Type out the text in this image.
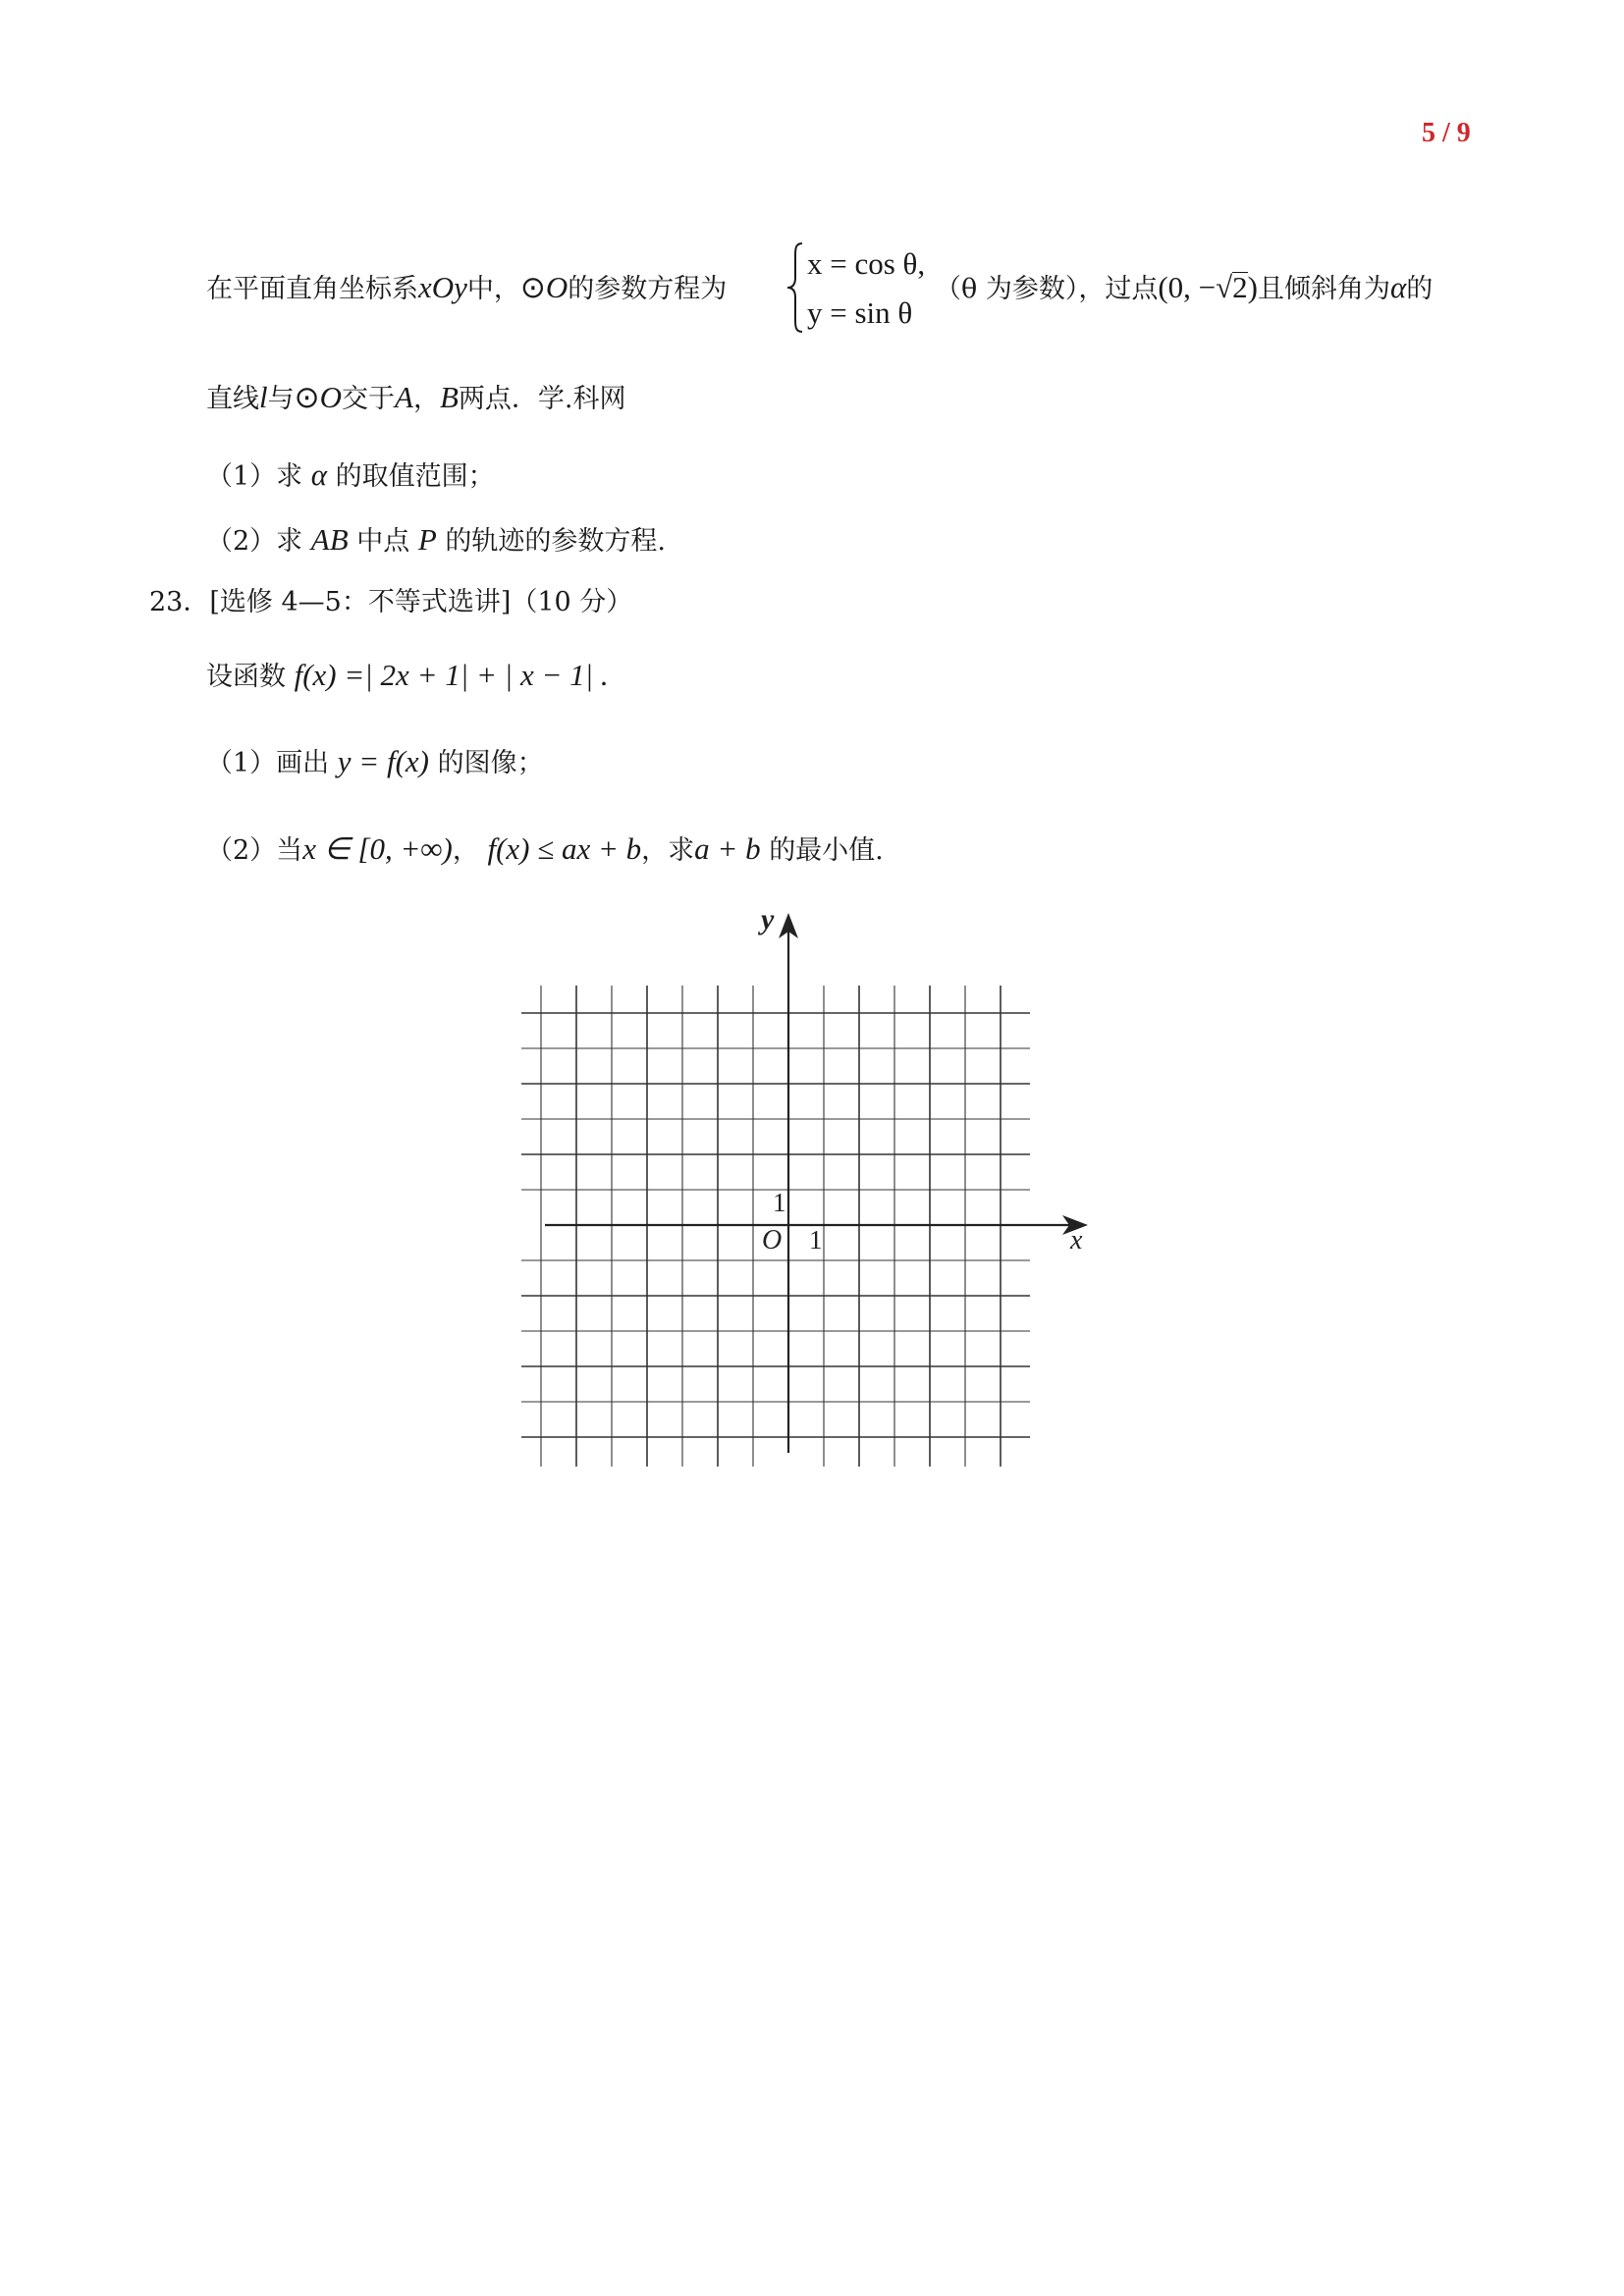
5 / 9
在平面直角坐标系xOy中，⊙O的参数方程为
x = cos θ,
y = sin θ
（θ 为参数），过点(0, −√2)且倾斜角为α的
直线l与⊙O交于A，B两点．学.科网
（1）求 α 的取值范围；
（2）求 AB 中点 P 的轨迹的参数方程.
23．[选修 4—5：不等式选讲]（10 分）
设函数 f(x) =| 2x + 1| + | x − 1| .
（1）画出 y = f(x) 的图像；
（2）当x ∈ [0, +∞)， f(x) ≤ ax + b，求a + b 的最小值.
x
y
O 1
1
